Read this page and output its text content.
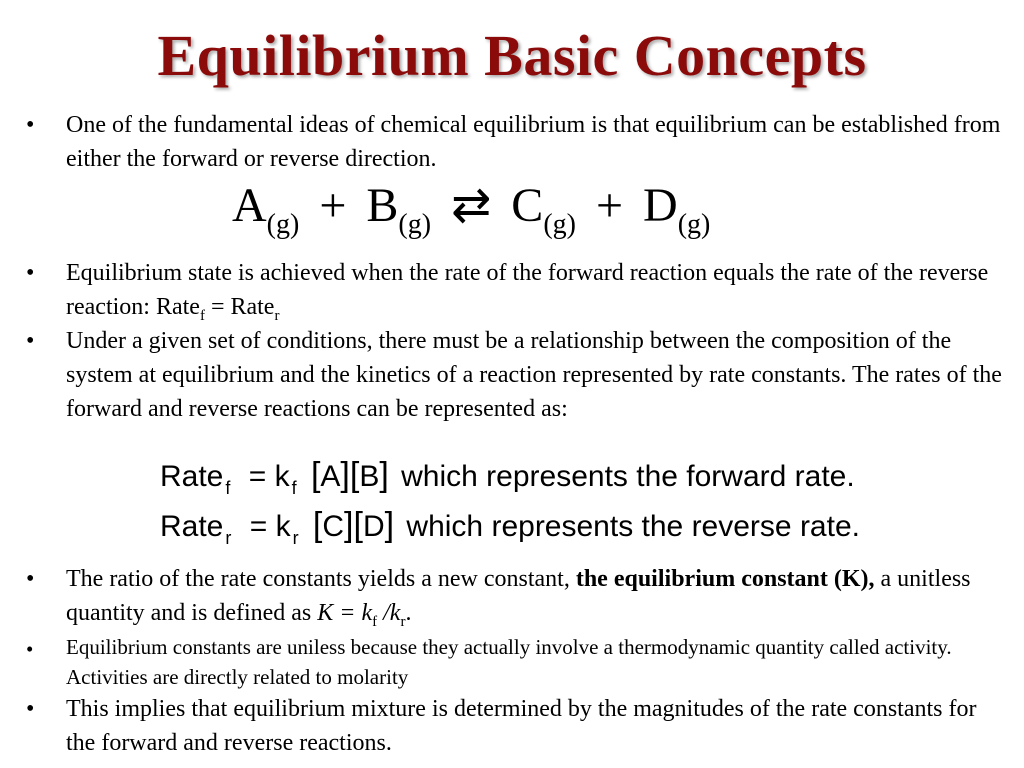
Equilibrium Basic Concepts
• One of the fundamental ideas of chemical equilibrium is that equilibrium can be established from either the forward or reverse direction.
$A_{(g)} + B_{(g)}$ ⇄ $C_{(g)} + D_{(g)}$
• Equilibrium state is achieved when the rate of the forward reaction equals the rate of the reverse reaction: Rate$_f$ = Rate$_r$
• Under a given set of conditions, there must be a relationship between the composition of the system at equilibrium and the kinetics of a reaction represented by rate constants. The rates of the forward and reverse reactions can be represented as:
Rate $_f$ = k $_f$ [A][B] which represents the forward rate.
Rate $_r$ = k $_r$ [C][D] which represents the reverse rate.
• The ratio of the rate constants yields a new constant, the equilibrium constant (K), a unitless quantity and is defined as $K = k_f$ $/k_r$.
• Equilibrium constants are uniless because they actually involve a thermodynamic quantity called activity. Activities are directly related to molarity
• This implies that equilibrium mixture is determined by the magnitudes of the rate constants for the forward and reverse reactions.
